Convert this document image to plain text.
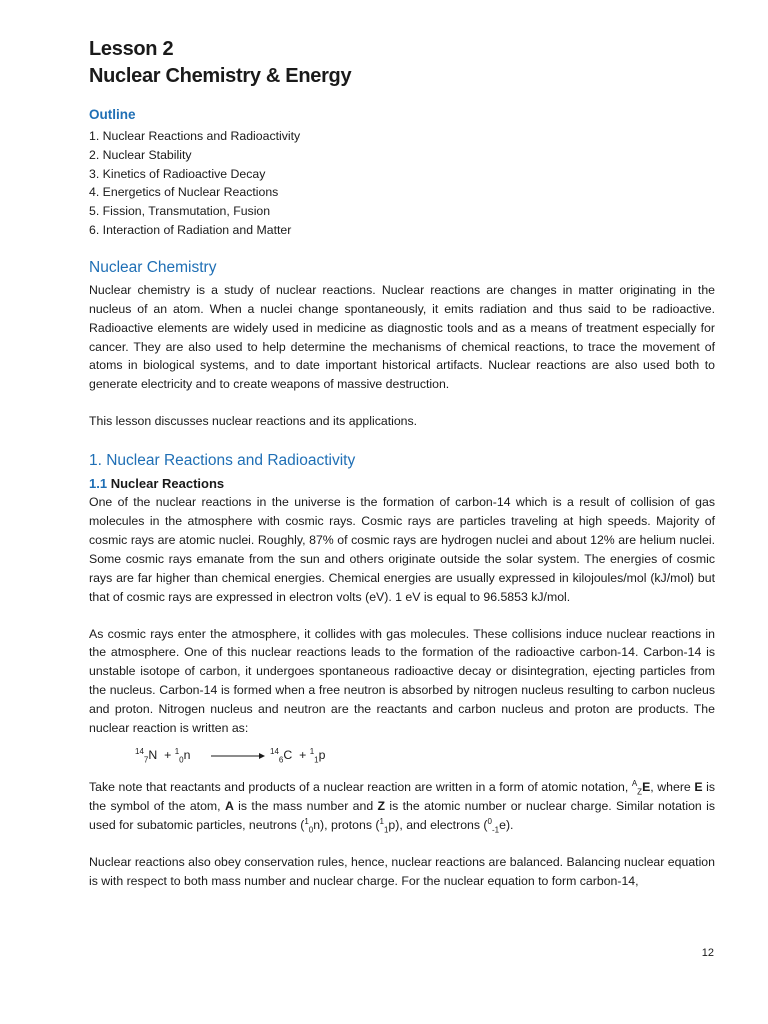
Lesson 2
Nuclear Chemistry & Energy
Outline
1. Nuclear Reactions and Radioactivity
2. Nuclear Stability
3. Kinetics of Radioactive Decay
4. Energetics of Nuclear Reactions
5. Fission, Transmutation, Fusion
6. Interaction of Radiation and Matter
Nuclear Chemistry

Nuclear chemistry is a study of nuclear reactions. Nuclear reactions are changes in matter originating in the nucleus of an atom. When a nuclei change spontaneously, it emits radiation and thus said to be radioactive. Radioactive elements are widely used in medicine as diagnostic tools and as a means of treatment especially for cancer. They are also used to help determine the mechanisms of chemical reactions, to trace the movement of atoms in biological systems, and to date important historical artifacts. Nuclear reactions are also used both to generate electricity and to create weapons of massive destruction.

This lesson discusses nuclear reactions and its applications.

1. Nuclear Reactions and Radioactivity
1.1 Nuclear Reactions

One of the nuclear reactions in the universe is the formation of carbon-14 which is a result of collision of gas molecules in the atmosphere with cosmic rays. Cosmic rays are particles traveling at high speeds. Majority of cosmic rays are atomic nuclei. Roughly, 87% of cosmic rays are hydrogen nuclei and about 12% are helium nuclei. Some cosmic rays emanate from the sun and others originate outside the solar system. The energies of cosmic rays are far higher than chemical energies. Chemical energies are usually expressed in kilojoules/mol (kJ/mol) but that of cosmic rays are expressed in electron volts (eV). 1 eV is equal to 96.5853 kJ/mol.

As cosmic rays enter the atmosphere, it collides with gas molecules. These collisions induce nuclear reactions in the atmosphere. One of this nuclear reactions leads to the formation of the radioactive carbon-14. Carbon-14 is unstable isotope of carbon, it undergoes spontaneous radioactive decay or disintegration, ejecting particles from the nucleus. Carbon-14 is formed when a free neutron is absorbed by nitrogen nucleus resulting to carbon nucleus and proton. Nitrogen nucleus and neutron are the reactants and carbon nucleus and proton are products. The nuclear reaction is written as:

$^{14}_7$N + $^1_0$n	$^{14}_6$C + $^1_1$p

Take note that reactants and products of a nuclear reaction are written in a form of atomic notation, $^A_Z$E, where E is the symbol of the atom, A is the mass number and Z is the atomic number or nuclear charge. Similar notation is used for subatomic particles, neutrons ($^1_0$n), protons ($^1_1$p), and electrons ($^0_{-1}$e).

Nuclear reactions also obey conservation rules, hence, nuclear reactions are balanced. Balancing nuclear equation is with respect to both mass number and nuclear charge. For the nuclear equation to form carbon-14,

12
